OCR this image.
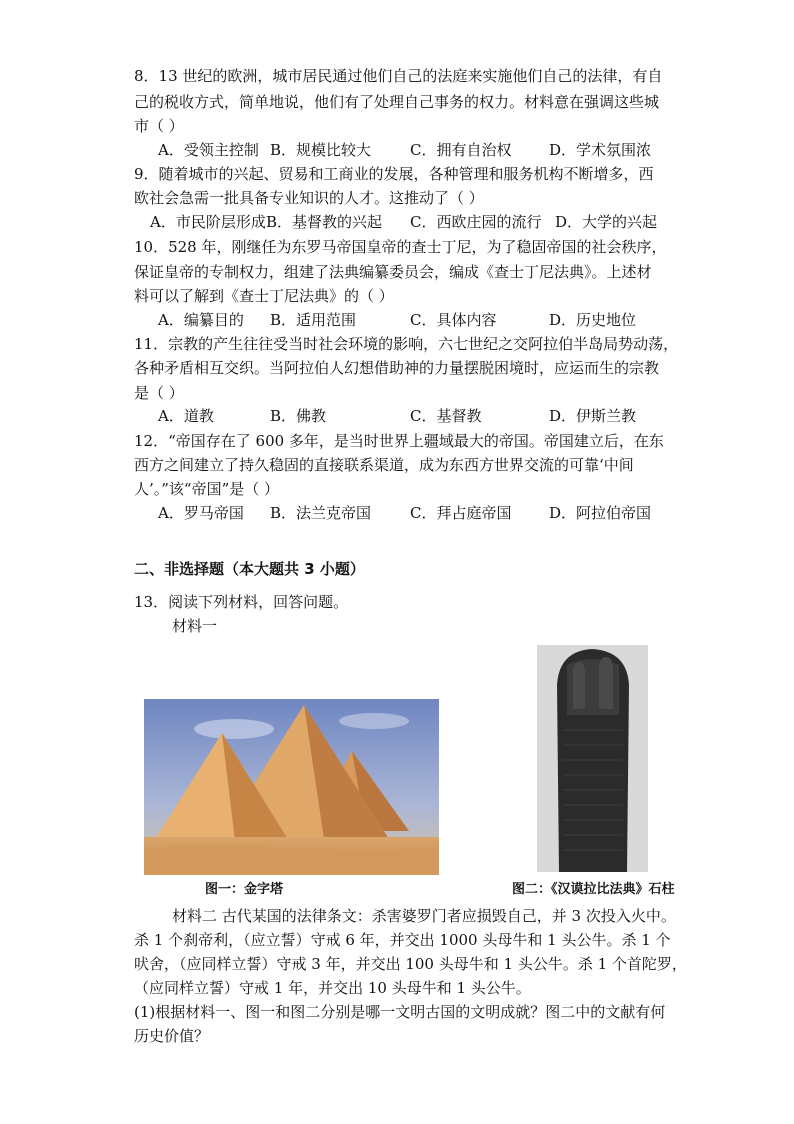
8．13 世纪的欧洲，城市居民通过他们自己的法庭来实施他们自己的法律，有自
己的税收方式，简单地说，他们有了处理自己事务的权力。材料意在强调这些城
市（ ）
A．受领主控制 B．规模比较大	C．拥有自治权	D．学术氛围浓
9．随着城市的兴起、贸易和工商业的发展，各种管理和服务机构不断增多，西
欧社会急需一批具备专业知识的人才。这推动了（ ）
A．市民阶层形成 B．基督教的兴起 C．西欧庄园的流行 D．大学的兴起
10．528 年，刚继任为东罗马帝国皇帝的查士丁尼，为了稳固帝国的社会秩序，
保证皇帝的专制权力，组建了法典编纂委员会，编成《查士丁尼法典》。上述材
料可以了解到《查士丁尼法典》的（ ）
A．编纂目的 B．适用范围	C．具体内容	D．历史地位
11．宗教的产生往往受当时社会环境的影响，六七世纪之交阿拉伯半岛局势动荡，
各种矛盾相互交织。当阿拉伯人幻想借助神的力量摆脱困境时，应运而生的宗教
是（ ）
A．道教	B．佛教	C．基督教	D．伊斯兰教
12．“帝国存在了 600 多年，是当时世界上疆域最大的帝国。帝国建立后，在东
西方之间建立了持久稳固的直接联系渠道，成为东西方世界交流的可靠‘中间
人’。”该“帝国”是（ ）
A．罗马帝国 B．法兰克帝国	C．拜占庭帝国	D．阿拉伯帝国
二、非选择题（本大题共 3 小题）
13．阅读下列材料，回答问题。
材料一
图一：金字塔	图二：《汉谟拉比法典》石柱
材料二 古代某国的法律条文：杀害婆罗门者应损毁自己，并 3 次投入火中。
杀 1 个刹帝利，（应立誓）守戒 6 年，并交出 1000 头母牛和 1 头公牛。杀 1 个
吠舍，（应同样立誓）守戒 3 年，并交出 100 头母牛和 1 头公牛。杀 1 个首陀罗，
（应同样立誓）守戒 1 年，并交出 10 头母牛和 1 头公牛。
(1)根据材料一、图一和图二分别是哪一文明古国的文明成就？图二中的文献有何
历史价值？
